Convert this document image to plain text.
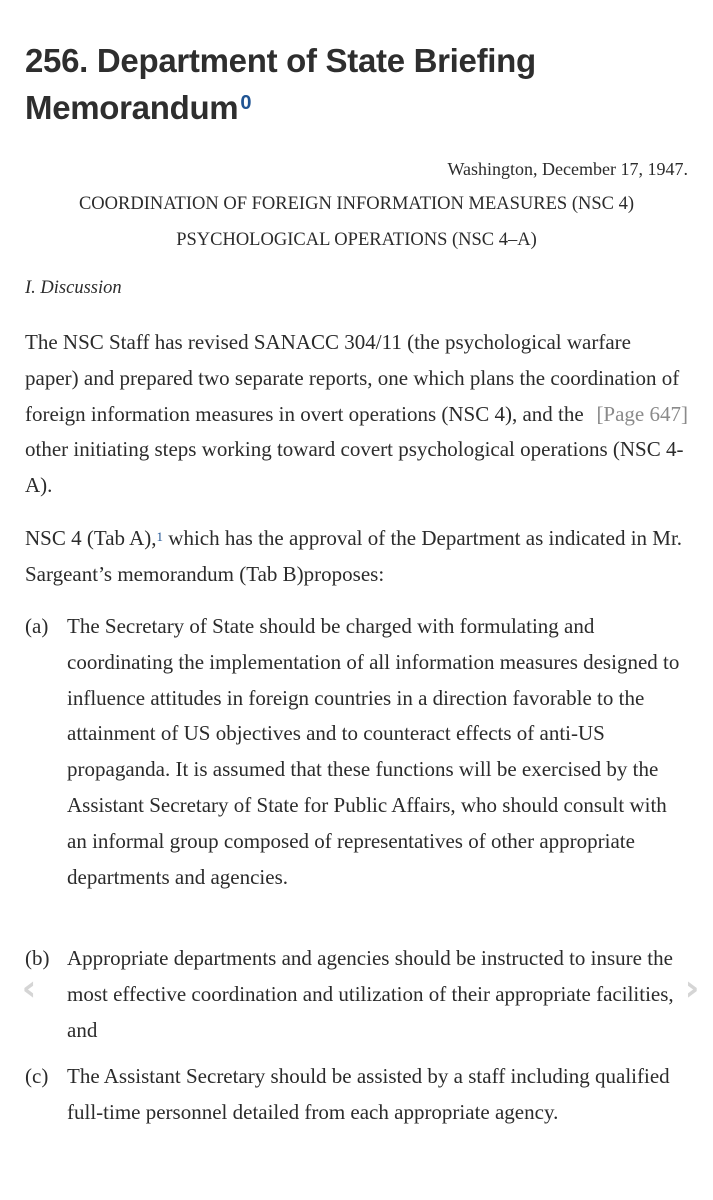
256. Department of State Briefing Memorandum $^0$
Washington, December 17, 1947.
COORDINATION OF FOREIGN INFORMATION MEASURES (NSC 4)
PSYCHOLOGICAL OPERATIONS (NSC 4–A)
I. Discussion

The NSC Staff has revised SANACC 304/11 (the psychological warfare paper) and prepared two separate reports, one which plans the coordination of foreign information	[Page 647]
measures in overt operations (NSC 4), and the other initiating steps working toward covert psychological operations (NSC 4-A).

NSC 4 (Tab A),$^1$ which has the approval of the Department as indicated in Mr. Sargeant’s memorandum (Tab B)proposes:

(a) The Secretary of State should be charged with formulating and coordinating the implementation of all information measures designed to influence attitudes in foreign countries in a direction favorable to the attainment of US objectives and to counteract effects of anti-US propaganda. It is assumed that these functions will be exercised by the Assistant Secretary of State for Public Affairs, who should consult with an informal group composed of representatives of other appropriate departments and agencies.
(b) Appropriate departments and agencies should be instructed to insure the most effective coordination and utilization of their appropriate facilities, and
(c) The Assistant Secretary should be assisted by a staff including qualified full-time personnel detailed from each appropriate agency.
‹	›
